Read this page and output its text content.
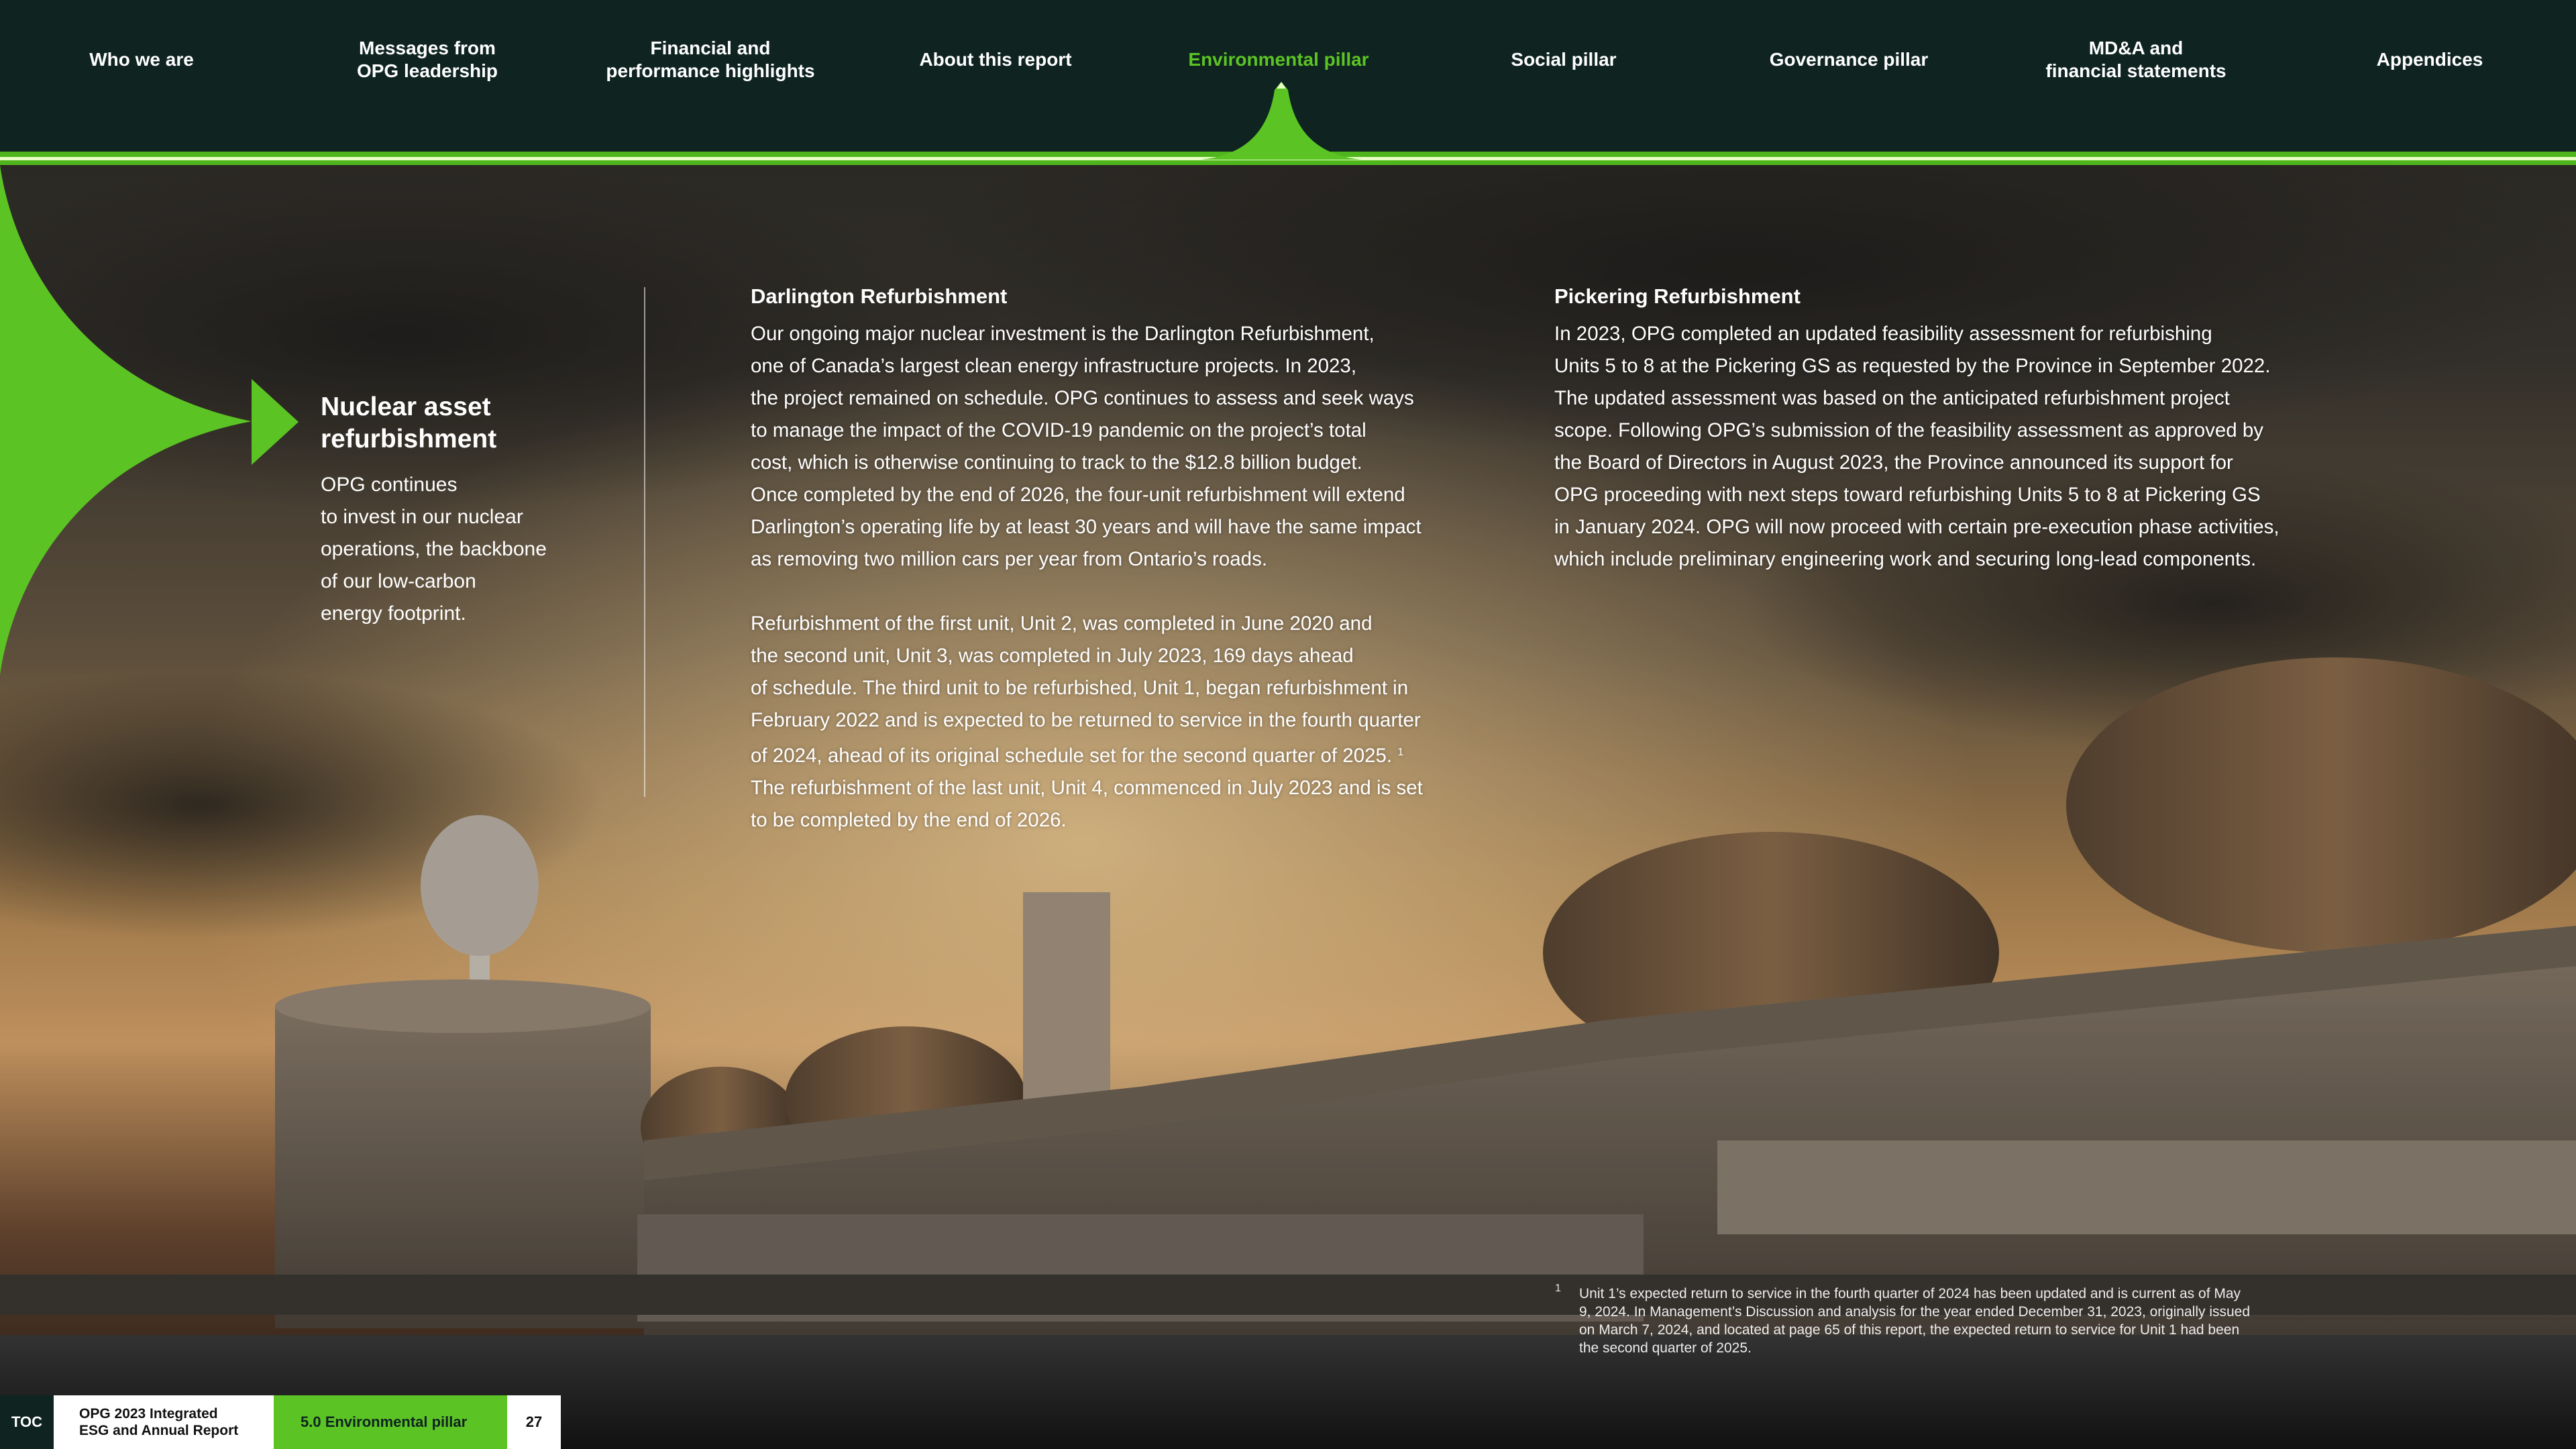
Who we are
Messages from
OPG leadership
Financial and
performance highlights
About this report	Environmental pillar	Social pillar	Governance pillar
MD&A and
financial statements
Appendices
Nuclear asset
refurbishment
OPG continues
to invest in our nuclear
operations, the backbone
of our low-carbon
energy footprint.
Darlington Refurbishment
Our ongoing major nuclear investment is the Darlington Refurbishment,
one of Canada’s largest clean energy infrastructure projects. In 2023,
the project remained on schedule. OPG continues to assess and seek ways
to manage the impact of the COVID-19 pandemic on the project’s total
cost, which is otherwise continuing to track to the $12.8 billion budget.
Once completed by the end of 2026, the four-unit refurbishment will extend
Darlington’s operating life by at least 30 years and will have the same impact
as removing two million cars per year from Ontario’s roads.
Refurbishment of the first unit, Unit 2, was completed in June 2020 and
the second unit, Unit 3, was completed in July 2023, 169 days ahead
of schedule. The third unit to be refurbished, Unit 1, began refurbishment in
February 2022 and is expected to be returned to service in the fourth quarter
of 2024, ahead of its original schedule set for the second quarter of 2025. $^1$
The refurbishment of the last unit, Unit 4, commenced in July 2023 and is set
to be completed by the end of 2026.
Pickering Refurbishment
In 2023, OPG completed an updated feasibility assessment for refurbishing
Units 5 to 8 at the Pickering GS as requested by the Province in September 2022.
The updated assessment was based on the anticipated refurbishment project
scope. Following OPG’s submission of the feasibility assessment as approved by
the Board of Directors in August 2023, the Province announced its support for
OPG proceeding with next steps toward refurbishing Units 5 to 8 at Pickering GS
in January 2024. OPG will now proceed with certain pre-execution phase activities,
which include preliminary engineering work and securing long-lead components.
1 Unit 1’s expected return to service in the fourth quarter of 2024 has been updated and is current as of May
9, 2024. In Management’s Discussion and analysis for the year ended December 31, 2023, originally issued
on March 7, 2024, and located at page 65 of this report, the expected return to service for Unit 1 had been
the second quarter of 2025.
TOC	OPG 2023 Integrated
ESG and Annual Report
5.0 Environmental pillar	27
